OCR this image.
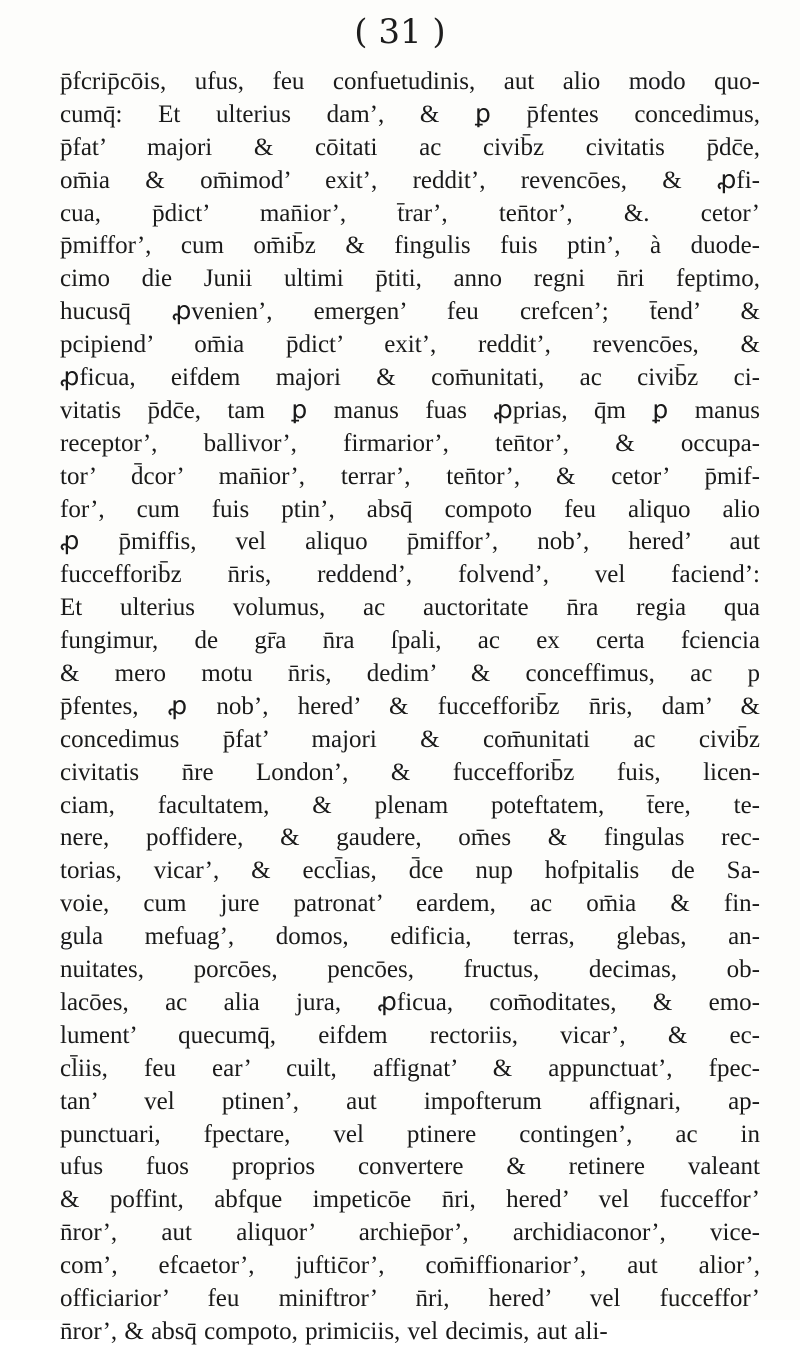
( 31 )
p̄fcrip̄cōis, ufus, feu confuetudinis, aut alio modo quo-
cumq̄: Et ulterius dam’, & ꝑ p̄fentes concedimus,
p̄fat’ majori & cōitati ac civib̄z civitatis p̄dc̄e,
om̄ia & om̄imod’ exit’, reddit’, revencōes, & ꝓfi-
cua, p̄dict’ man̄ior’, t̄rar’, ten̄tor’, &. cetor’
p̄miffor’, cum om̄ib̄z & fingulis fuis ptin’, à duode-
cimo die Junii ultimi p̄titi, anno regni n̄ri feptimo,
hucusq̄ ꝓvenien’, emergen’ feu crefcen’; t̄end’ &
pcipiend’ om̄ia p̄dict’ exit’, reddit’, revencōes, &
ꝓficua, eifdem majori & com̄unitati, ac civib̄z ci-
vitatis p̄dc̄e, tam ꝑ manus fuas ꝓprias, q̄m ꝑ manus
receptor’, ballivor’, firmarior’, ten̄tor’, & occupa-
tor’ d̄cor’ man̄ior’, terrar’, ten̄tor’, & cetor’ p̄mif-
for’, cum fuis ptin’, absq̄ compoto feu aliquo alio
ꝓ p̄miffis, vel aliquo p̄miffor’, nob’, hered’ aut
fuccefforib̄z n̄ris, reddend’, folvend’, vel faciend’:
Et ulterius volumus, ac auctoritate n̄ra regia qua
fungimur, de gr̄a n̄ra ſpali, ac ex certa fciencia
& mero motu n̄ris, dedim’ & conceffimus, ac p
p̄fentes, ꝓ nob’, hered’ & fuccefforib̄z n̄ris, dam’ &
concedimus p̄fat’ majori & com̄unitati ac civib̄z
civitatis n̄re London’, & fuccefforib̄z fuis, licen-
ciam, facultatem, & plenam poteftatem, t̄ere, te-
nere, poffidere, & gaudere, om̄es & fingulas rec-
torias, vicar’, & eccl̄ias, d̄ce nup hofpitalis de Sa-
voie, cum jure patronat’ eardem, ac om̄ia & fin-
gula mefuag’, domos, edificia, terras, glebas, an-
nuitates, porcōes, pencōes, fructus, decimas, ob-
lacōes, ac alia jura, ꝓficua, com̄oditates, & emo-
lument’ quecumq̄, eifdem rectoriis, vicar’, & ec-
cl̄iis, feu ear’ cuilt, affignat’ & appunctuat’, fpec-
tan’ vel ptinen’, aut impofterum affignari, ap-
punctuari, fpectare, vel ptinere contingen’, ac in
ufus fuos proprios convertere & retinere valeant
& poffint, abfque impeticōe n̄ri, hered’ vel fucceffor’
n̄ror’, aut aliquor’ archiep̄or’, archidiaconor’, vice-
com’, efcaetor’, juftic̄or’, com̄iffionarior’, aut alior’,
officiarior’ feu miniftror’ n̄ri, hered’ vel fucceffor’
n̄ror’, & absq̄ compoto, primiciis, vel decimis, aut ali-
